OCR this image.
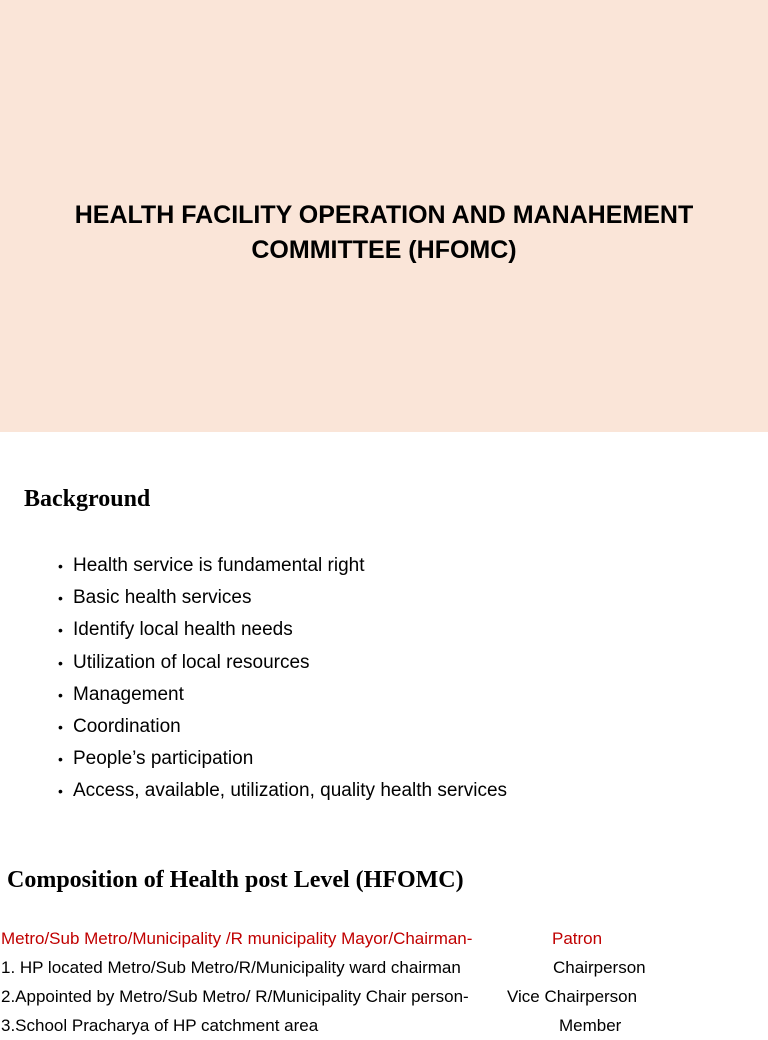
HEALTH FACILITY OPERATION AND MANAHEMENT
COMMITTEE (HFOMC)
Background
• Health service is fundamental right
• Basic health services
• Identify local health needs
• Utilization of local resources
• Management
• Coordination
• People’s participation
• Access, available, utilization, quality health services
Composition of Health post Level (HFOMC)
Metro/Sub Metro/Municipality /R municipality Mayor/Chairman-	Patron
1. HP located Metro/Sub Metro/R/Municipality ward chairman	Chairperson
2.Appointed by Metro/Sub Metro/ R/Municipality Chair person- Vice Chairperson
3.School Pracharya of HP catchment area	Member
